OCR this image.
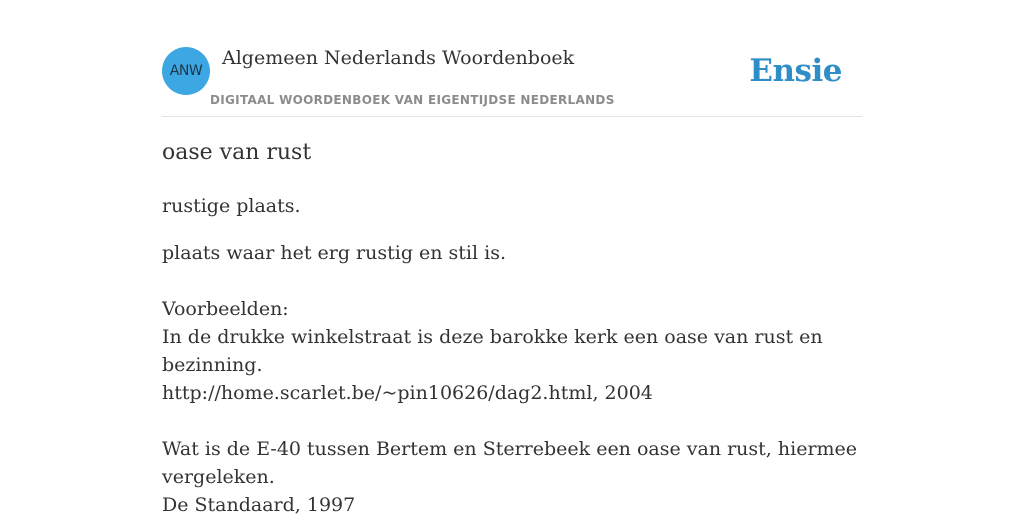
ANW
Algemeen Nederlands Woordenboek
DIGITAAL WOORDENBOEK VAN EIGENTIJDSE NEDERLANDS
Ensie
oase van rust

rustige plaats.

plaats waar het erg rustig en stil is.

Voorbeelden:

In de drukke winkelstraat is deze barokke kerk een oase van rust en bezinning.

http://home.scarlet.be/~pin10626/dag2.html, 2004

Wat is de E-40 tussen Bertem en Sterrebeek een oase van rust, hiermee vergeleken.

De Standaard, 1997
